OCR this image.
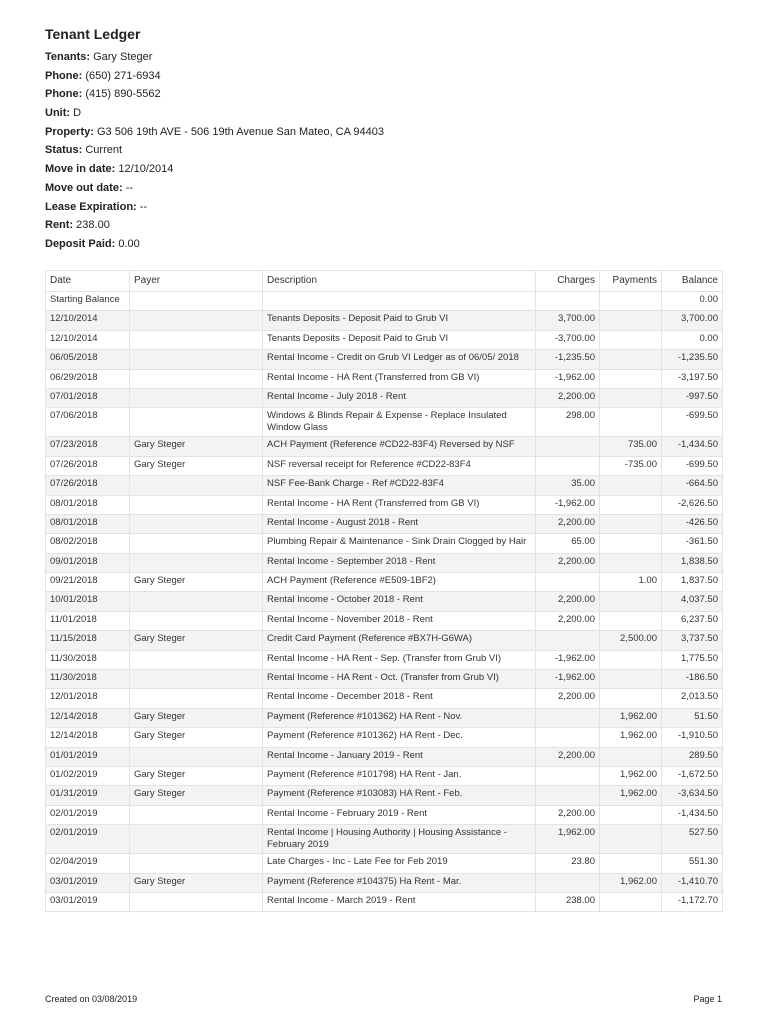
Tenant Ledger
Tenants: Gary Steger
Phone: (650) 271-6934
Phone: (415) 890-5562
Unit: D
Property: G3 506 19th AVE - 506 19th Avenue San Mateo, CA 94403
Status: Current
Move in date: 12/10/2014
Move out date: --
Lease Expiration: --
Rent: 238.00
Deposit Paid: 0.00
Date	Payer	Description	Charges	Payments	Balance
Starting Balance					0.00
12/10/2014		Tenants Deposits - Deposit Paid to Grub VI	3,700.00		3,700.00
12/10/2014		Tenants Deposits - Deposit Paid to Grub VI	-3,700.00		0.00
06/05/2018		Rental Income - Credit on Grub VI Ledger as of 06/05/ 2018	-1,235.50		-1,235.50
06/29/2018		Rental Income - HA Rent (Transferred from GB VI)	-1,962.00		-3,197.50
07/01/2018		Rental Income - July 2018 - Rent	2,200.00		-997.50
07/06/2018		Windows & Blinds Repair & Expense - Replace Insulated Window Glass	298.00		-699.50
07/23/2018	Gary Steger	ACH Payment (Reference #CD22-83F4) Reversed by NSF		735.00	-1,434.50
07/26/2018	Gary Steger	NSF reversal receipt for Reference #CD22-83F4		-735.00	-699.50
07/26/2018		NSF Fee-Bank Charge - Ref #CD22-83F4	35.00		-664.50
08/01/2018		Rental Income - HA Rent (Transferred from GB VI)	-1,962.00		-2,626.50
08/01/2018		Rental Income - August 2018 - Rent	2,200.00		-426.50
08/02/2018		Plumbing Repair & Maintenance - Sink Drain Clogged by Hair	65.00		-361.50
09/01/2018		Rental Income - September 2018 - Rent	2,200.00		1,838.50
09/21/2018	Gary Steger	ACH Payment (Reference #E509-1BF2)		1.00	1,837.50
10/01/2018		Rental Income - October 2018 - Rent	2,200.00		4,037.50
11/01/2018		Rental Income - November 2018 - Rent	2,200.00		6,237.50
11/15/2018	Gary Steger	Credit Card Payment (Reference #BX7H-G6WA)		2,500.00	3,737.50
11/30/2018		Rental Income - HA Rent - Sep. (Transfer from Grub VI)	-1,962.00		1,775.50
11/30/2018		Rental Income - HA Rent - Oct. (Transfer from Grub VI)	-1,962.00		-186.50
12/01/2018		Rental Income - December 2018 - Rent	2,200.00		2,013.50
12/14/2018	Gary Steger	Payment (Reference #101362) HA Rent - Nov.		1,962.00	51.50
12/14/2018	Gary Steger	Payment (Reference #101362) HA Rent - Dec.		1,962.00	-1,910.50
01/01/2019		Rental Income - January 2019 - Rent	2,200.00		289.50
01/02/2019	Gary Steger	Payment (Reference #101798) HA Rent - Jan.		1,962.00	-1,672.50
01/31/2019	Gary Steger	Payment (Reference #103083) HA Rent - Feb.		1,962.00	-3,634.50
02/01/2019		Rental Income - February 2019 - Rent	2,200.00		-1,434.50
02/01/2019		Rental Income | Housing Authority | Housing Assistance - February 2019	1,962.00		527.50
02/04/2019		Late Charges - Inc - Late Fee for Feb 2019	23.80		551.30
03/01/2019	Gary Steger	Payment (Reference #104375) Ha Rent - Mar.		1,962.00	-1,410.70
03/01/2019		Rental Income - March 2019 - Rent	238.00		-1,172.70
Created on 03/08/2019	Page 1
